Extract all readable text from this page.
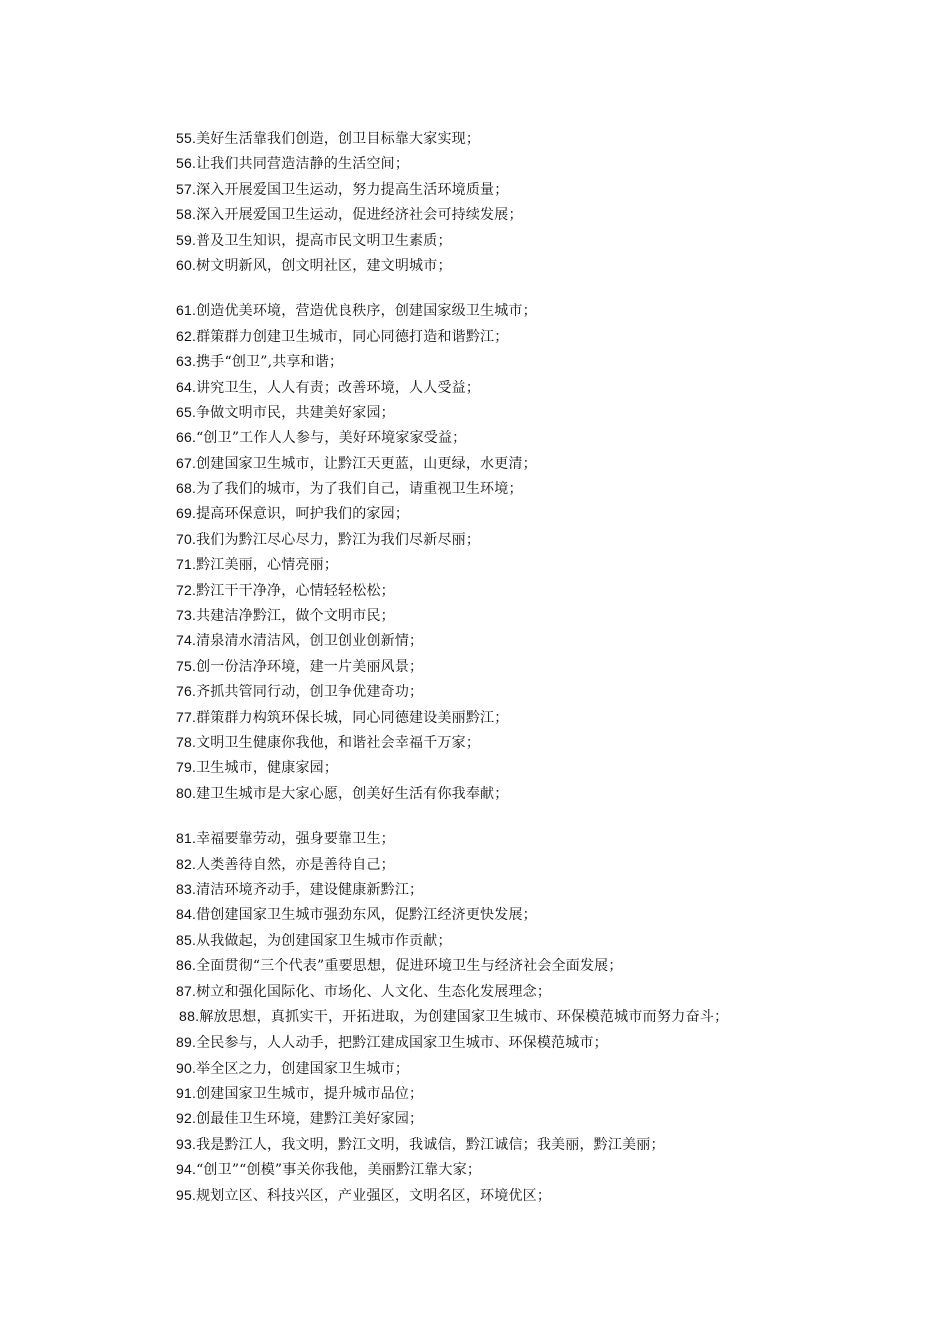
55.美好生活靠我们创造，创卫目标靠大家实现；
56.让我们共同营造洁静的生活空间；
57.深入开展爱国卫生运动，努力提高生活环境质量；
58.深入开展爱国卫生运动，促进经济社会可持续发展；
59.普及卫生知识，提高市民文明卫生素质；
60.树文明新风，创文明社区，建文明城市；
61.创造优美环境，营造优良秩序，创建国家级卫生城市；
62.群策群力创建卫生城市，同心同德打造和谐黔江；
63.携手“创卫”,共享和谐；
64.讲究卫生，人人有责；改善环境，人人受益；
65.争做文明市民，共建美好家园；
66.“创卫”工作人人参与，美好环境家家受益；
67.创建国家卫生城市，让黔江天更蓝，山更绿，水更清；
68.为了我们的城市，为了我们自己，请重视卫生环境；
69.提高环保意识，呵护我们的家园；
70.我们为黔江尽心尽力，黔江为我们尽新尽丽；
71.黔江美丽，心情亮丽；
72.黔江干干净净，心情轻轻松松；
73.共建洁净黔江，做个文明市民；
74.清泉清水清洁风，创卫创业创新情；
75.创一份洁净环境，建一片美丽风景；
76.齐抓共管同行动，创卫争优建奇功；
77.群策群力构筑环保长城，同心同德建设美丽黔江；
78.文明卫生健康你我他，和谐社会幸福千万家；
79.卫生城市，健康家园；
80.建卫生城市是大家心愿，创美好生活有你我奉献；
81.幸福要靠劳动，强身要靠卫生；
82.人类善待自然，亦是善待自己；
83.清洁环境齐动手，建设健康新黔江；
84.借创建国家卫生城市强劲东风，促黔江经济更快发展；
85.从我做起，为创建国家卫生城市作贡献；
86.全面贯彻“三个代表”重要思想，促进环境卫生与经济社会全面发展；
87.树立和强化国际化、市场化、人文化、生态化发展理念；
88.解放思想，真抓实干，开拓进取，为创建国家卫生城市、环保模范城市而努力奋斗；
89.全民参与，人人动手，把黔江建成国家卫生城市、环保模范城市；
90.举全区之力，创建国家卫生城市；
91.创建国家卫生城市，提升城市品位；
92.创最佳卫生环境，建黔江美好家园；
93.我是黔江人，我文明，黔江文明，我诚信，黔江诚信；我美丽，黔江美丽；
94.“创卫”“创模”事关你我他，美丽黔江靠大家；
95.规划立区、科技兴区，产业强区，文明名区，环境优区；
